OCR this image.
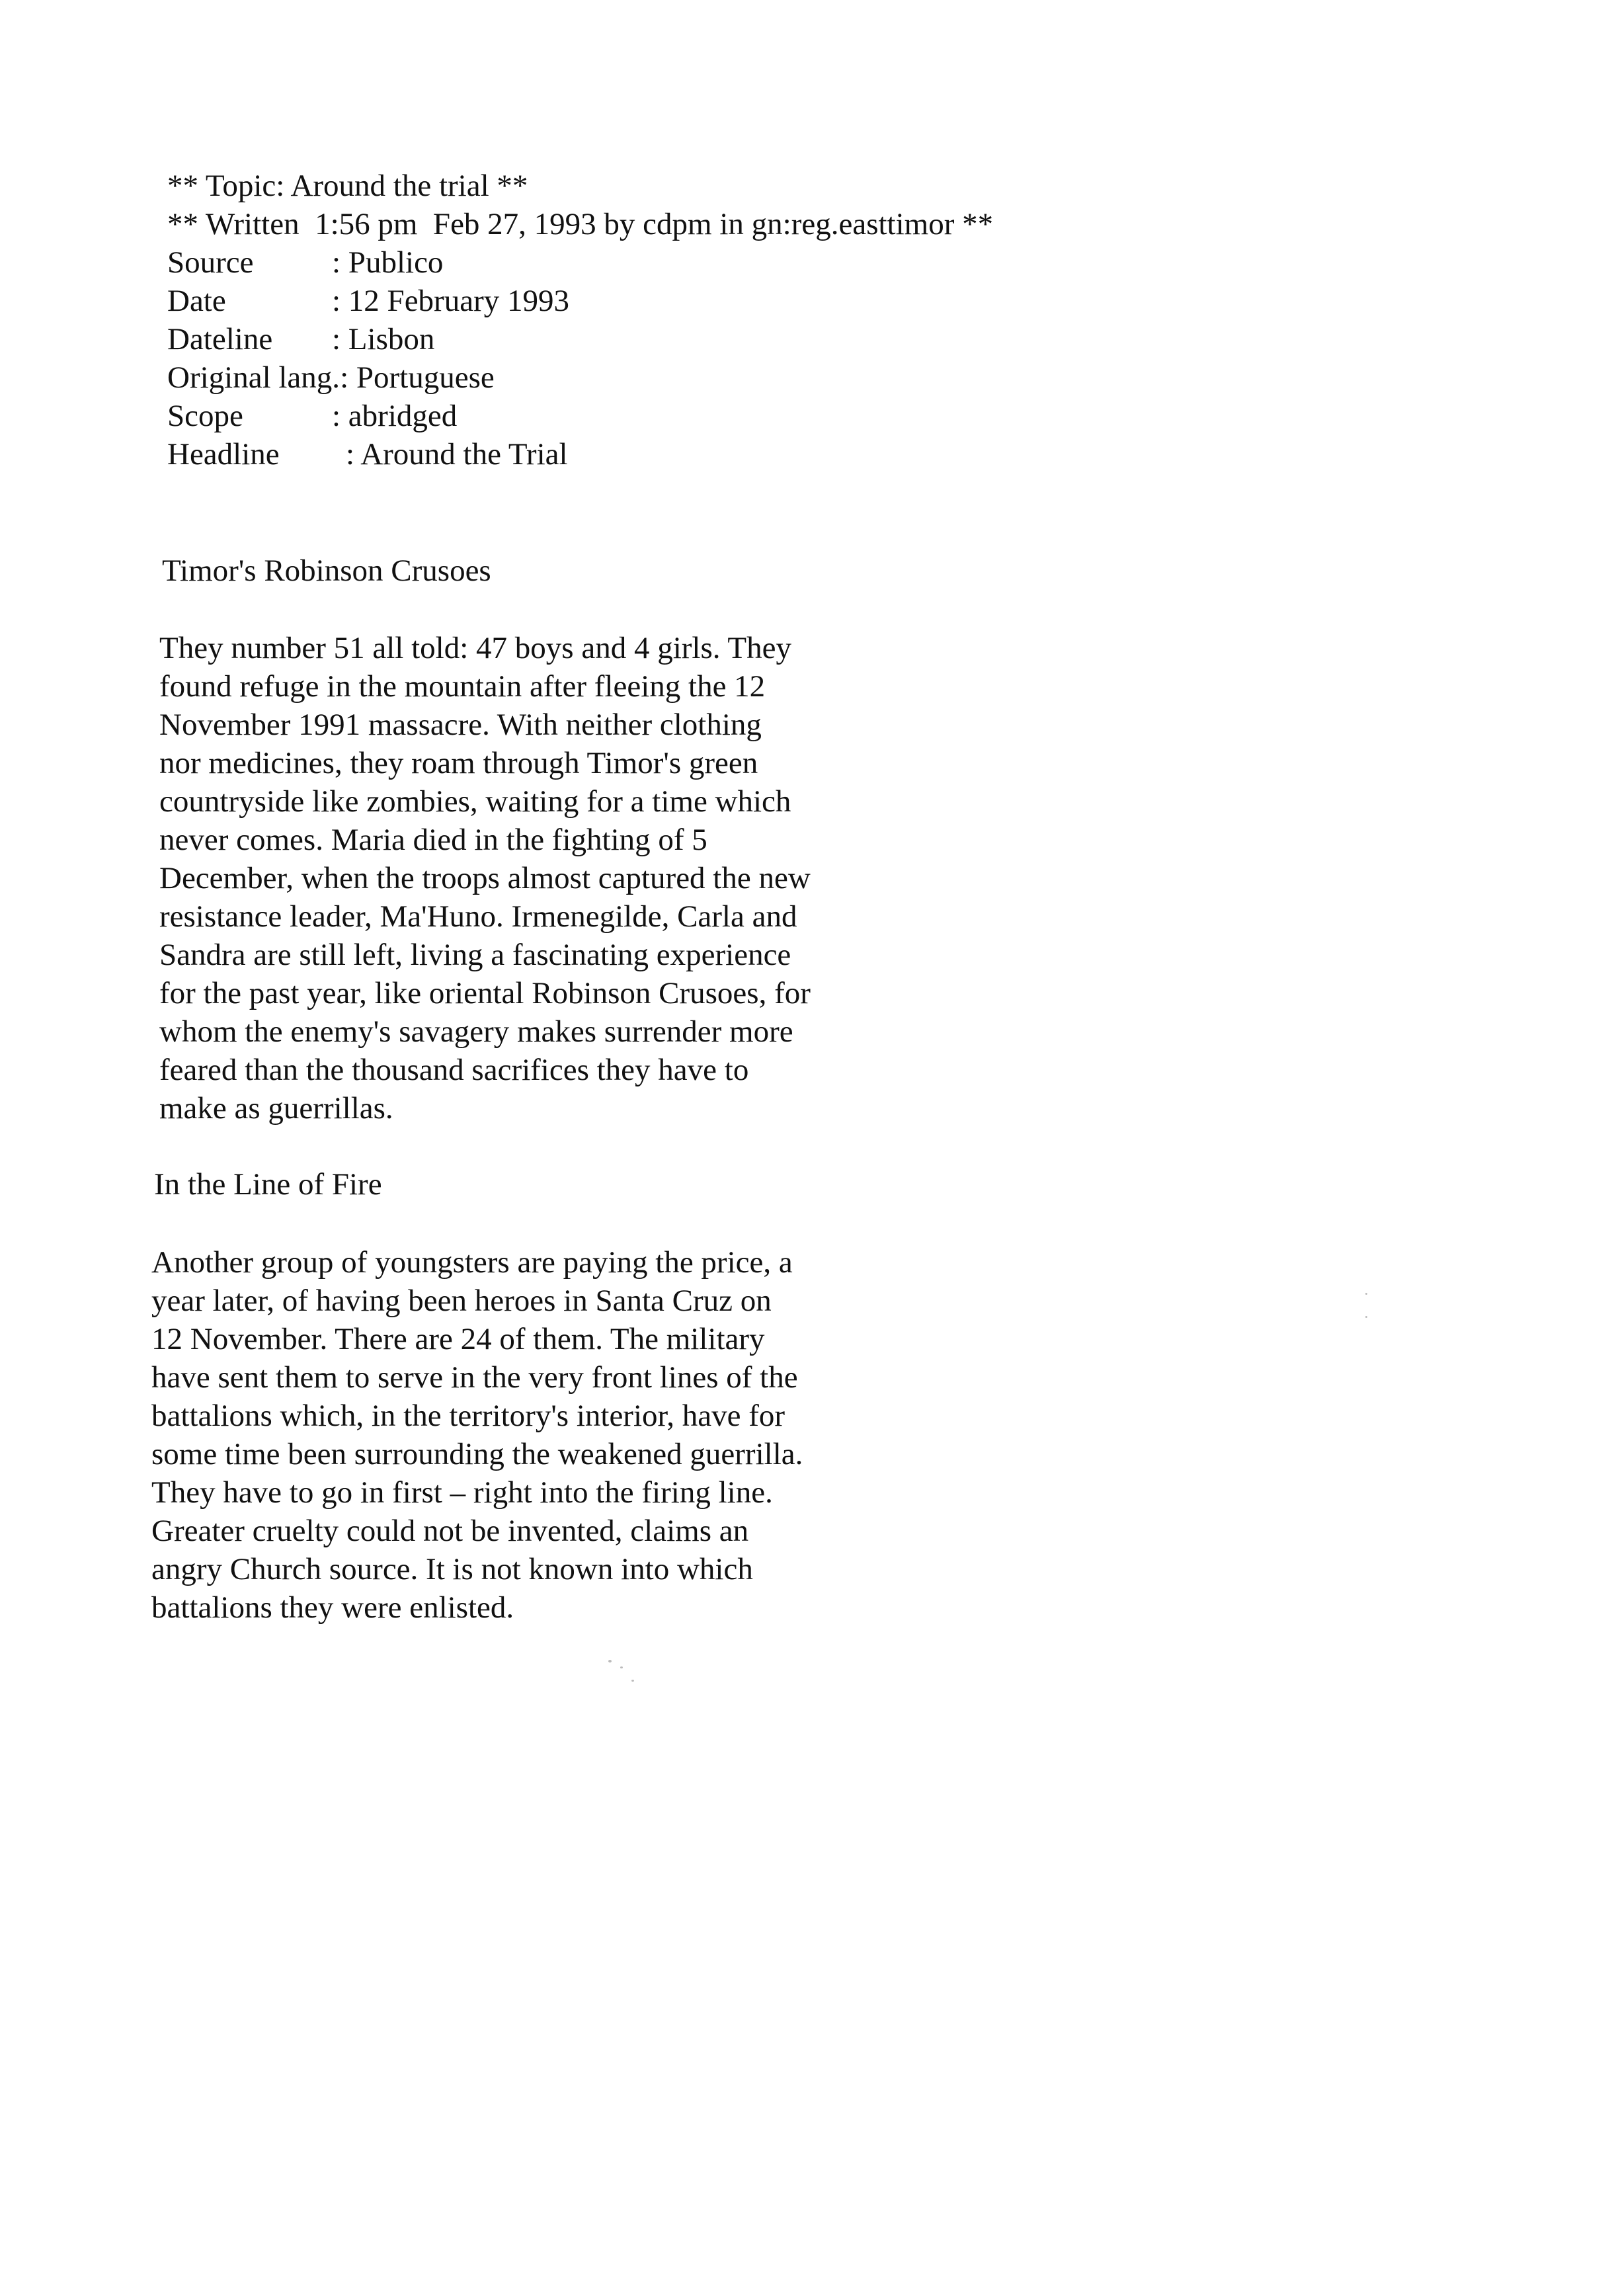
** Topic: Around the trial **
** Written  1:56 pm  Feb 27, 1993 by cdpm in gn:reg.easttimor **
Source	: Publico
Date	: 12 February 1993
Dateline : Lisbon
Original lang. : Portuguese
Scope	: abridged
Headline : Around the Trial
Timor's Robinson Crusoes
They number 51 all told: 47 boys and 4 girls. They
found refuge in the mountain after fleeing the 12
November 1991 massacre. With neither clothing
nor medicines, they roam through Timor's green
countryside like zombies, waiting for a time which
never comes. Maria died in the fighting of 5
December, when the troops almost captured the new
resistance leader, Ma'Huno. Irmenegilde, Carla and
Sandra are still left, living a fascinating experience
for the past year, like oriental Robinson Crusoes, for
whom the enemy's savagery makes surrender more
feared than the thousand sacrifices they have to
make as guerrillas.
In the Line of Fire
Another group of youngsters are paying the price, a
year later, of having been heroes in Santa Cruz on
12 November. There are 24 of them. The military
have sent them to serve in the very front lines of the
battalions which, in the territory's interior, have for
some time been surrounding the weakened guerrilla.
They have to go in first – right into the firing line.
Greater cruelty could not be invented, claims an
angry Church source. It is not known into which
battalions they were enlisted.
